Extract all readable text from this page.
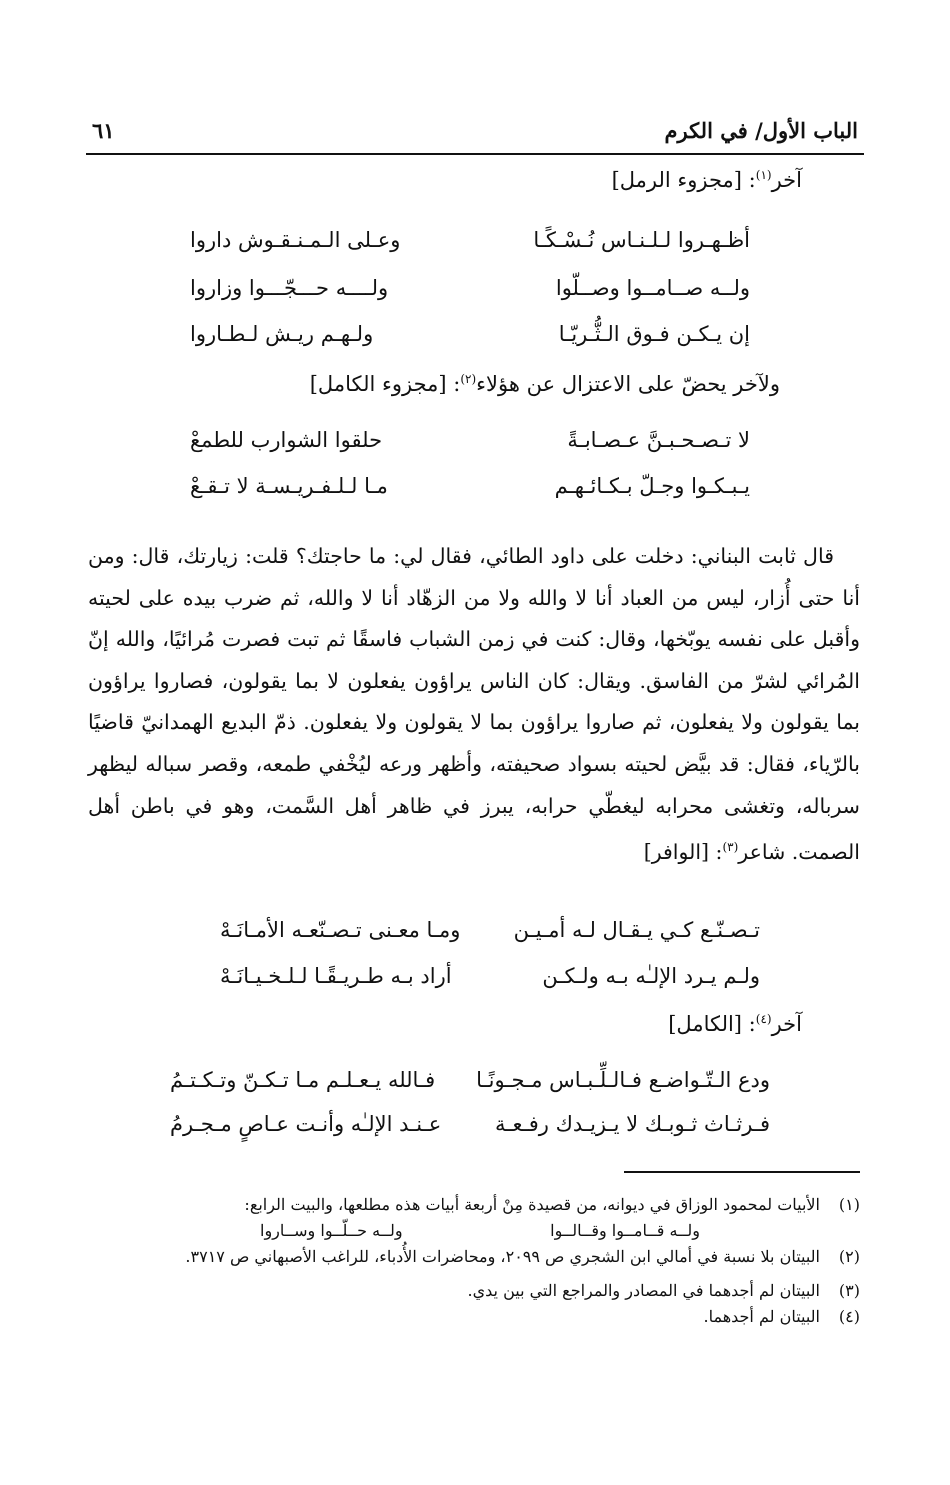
الباب الأول/ في الكرم
٦١
آخر$^{(١)}$: [مجزوء الرمل]
أظـهـروا لـلـنـاس نُـسْـكًـا
وعـلى الـمـنـقـوش داروا
ولــه صــامــوا وصــلّوا
ولــــه حـــجّـــوا وزاروا
إن يـكـن فـوق الـثُّـريّـا
ولـهـم ريـش لـطـاروا
ولآخر يحضّ على الاعتزال عن هؤلاء$^{(٢)}$: [مجزوء الكامل]
لا تـصـحـبـنَّ عـصـابـةً
حلقوا الشوارب للطمعْ
يـبـكـوا وجـلّ بـكـائـهـم
مـا لـلـفـريـسـة لا تـقـعْ

قال ثابت البناني: دخلت على داود الطائي، فقال لي: ما حاجتك؟ قلت: زيارتك، قال: ومن أنا حتى أُزار، ليس من العباد أنا لا والله ولا من الزهّاد أنا لا والله، ثم ضرب بيده على لحيته وأقبل على نفسه يوبّخها، وقال: كنت في زمن الشباب فاسقًا ثم تبت فصرت مُرائيًا، والله إنّ المُرائي لشرّ من الفاسق. ويقال: كان الناس يراؤون يفعلون لا بما يقولون، فصاروا يراؤون بما يقولون ولا يفعلون، ثم صاروا يراؤون بما لا يقولون ولا يفعلون. ذمّ البديع الهمدانيّ قاضيًا بالرّياء، فقال: قد بيَّض لحيته بسواد صحيفته، وأظهر ورعه ليُخْفي طمعه، وقصر سباله ليظهر سرباله، وتغشى محرابه ليغطّي حرابه، يبرز في ظاهر أهل السَّمت، وهو في باطن أهل الصمت. شاعر$^{(٣)}$: [الوافر]

تـصـنّـع كـي يـقـال لـه أمـيـن
ومـا معـنى تـصـنّعـه الأمـانَـهْ
ولـم يـرد الإلـٰه بـه ولـكـن
أراد بـه طـريـقًـا لـلـخـيـانَـهْ
آخر$^{(٤)}$: [الكامل]
ودع الـتّـواضـع فـالـلِّـبـاس مـجـونًـا
فـالله يـعـلـم مـا تـكـنّ وتـكـتـمُ
فـرثـاث ثـوبـك لا يـزيـدك رفـعـة
عـنـد الإلـٰه وأنـت عـاصٍ مـجـرمُ
(١)
الأبيات لمحمود الوزاق في ديوانه، من قصيدة مِنْ أربعة أبيات هذه مطلعها، والبيت الرابع:
ولــه قــامــوا وقــالــوا
ولــه حــلّــوا وســاروا
(٢)
البيتان بلا نسبة في أمالي ابن الشجري ص ٢٠٩٩، ومحاضرات الأُدباء، للراغب الأصبهاني ص ٣٧١٧.
(٣)
البيتان لم أجدهما في المصادر والمراجع التي بين يدي.
(٤)
البيتان لم أجدهما.
